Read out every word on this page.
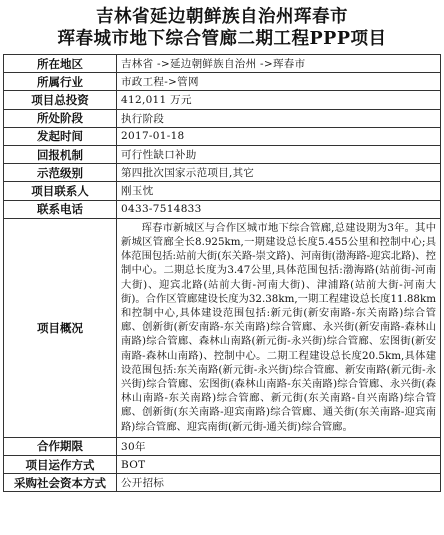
吉林省延边朝鲜族自治州珲春市
珲春城市地下综合管廊二期工程PPP项目
所在地区	吉林省 ->延边朝鲜族自治州 ->珲春市
所属行业	市政工程->管网
项目总投资	412,011 万元
所处阶段	执行阶段
发起时间	2017-01-18
回报机制	可行性缺口补助
示范级别	第四批次国家示范项目,其它
项目联系人	刚玉忱
联系电话	0433-7514833
项目概况	珲春市新城区与合作区城市地下综合管廊,总建设期为3年。其中新城区管廊全长8.925km,一期建设总长度5.455公里和控制中心;具体范围包括:站前大街(东关路-崇文路)、河南街(渤海路-迎宾北路)、控制中心。二期总长度为3.47公里,具体范围包括:渤海路(站前街-河南大街)、迎宾北路(站前大街-河南大街)、津浦路(站前大街-河南大街)。合作区管廊建设长度为32.38km,一期工程建设总长度11.88km和控制中心,具体建设范围包括:新元街(新安南路-东关南路)综合管廊、创新街(新安南路-东关南路)综合管廊、永兴街(新安南路-森林山南路)综合管廊、森林山南路(新元街-永兴街)综合管廊、宏图街(新安南路-森林山南路)、控制中心。二期工程建设总长度20.5km,具体建设范围包括:东关南路(新元街-永兴街)综合管廊、新安南路(新元街-永兴街)综合管廊、宏图街(森林山南路-东关南路)综合管廊、永兴街(森林山南路-东关南路)综合管廊、新元街(东关南路-自兴南路)综合管廊、创新街(东关南路-迎宾南路)综合管廊、通关街(东关南路-迎宾南路)综合管廊、迎宾南街(新元街-通关街)综合管廊。
合作期限	30年
项目运作方式	BOT
采购社会资本方式	公开招标
